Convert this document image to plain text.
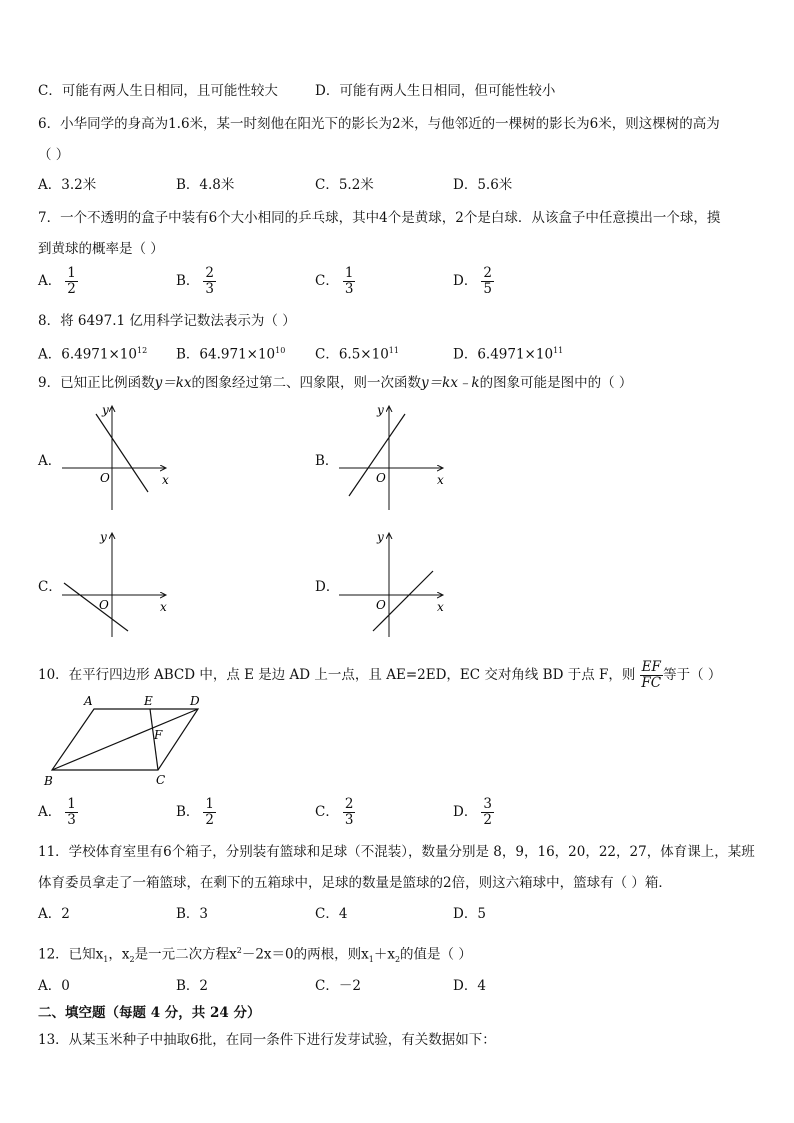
C．可能有两人生日相同，且可能性较大	D．可能有两人生日相同，但可能性较小
6．小华同学的身高为1.6米，某一时刻他在阳光下的影长为2米，与他邻近的一棵树的影长为6米，则这棵树的高为
（ ）
A．3.2米	B．4.8米	C．5.2米	D．5.6米
7．一个不透明的盒子中装有6个大小相同的乒乓球，其中4个是黄球，2个是白球．从该盒子中任意摸出一个球，摸
到黄球的概率是（ ）
A． $\frac{1}{2}$	B． $\frac{2}{3}$	C． $\frac{1}{3}$	D． $\frac{2}{5}$
8．将 6497.1 亿用科学记数法表示为（ ）
A．$6.4971\times 10^{12}$ B．$64.971\times 10^{10}$ C．$6.5\times 10^{11}$	D．$6.4971\times 10^{11}$
9．已知正比例函数y＝kx的图象经过第二、四象限，则一次函数y＝kx﹣k的图象可能是图中的（ ）
A．
y
x
O
B．
y
x
O
C．
y
x
O
D．
y
x
O
10．在平行四边形 ABCD 中，点 E 是边 AD 上一点，且 AE=2ED，EC 交对角线 BD 于点 F，则 $\frac{EF}{FC}$ 等于（ ）
A	E	D
F
B	C
A． $\frac{1}{3}$	B． $\frac{1}{2}$	C． $\frac{2}{3}$	D． $\frac{3}{2}$
11．学校体育室里有6个箱子，分别装有篮球和足球（不混装），数量分别是 8，9，16，20，22，27，体育课上，某班
体育委员拿走了一箱篮球，在剩下的五箱球中，足球的数量是篮球的2倍，则这六箱球中，篮球有（ ）箱．
A．2	B．3	C．4	D．5
12．已知$x_1$，$x_2$是一元二次方程$x^2-2x=0$的两根，则$x_1+x_2$的值是（ ）
A．0	B．2	C．－2	D．4
二、填空题（每题 4 分，共 24 分）
13．从某玉米种子中抽取6批，在同一条件下进行发芽试验，有关数据如下：
